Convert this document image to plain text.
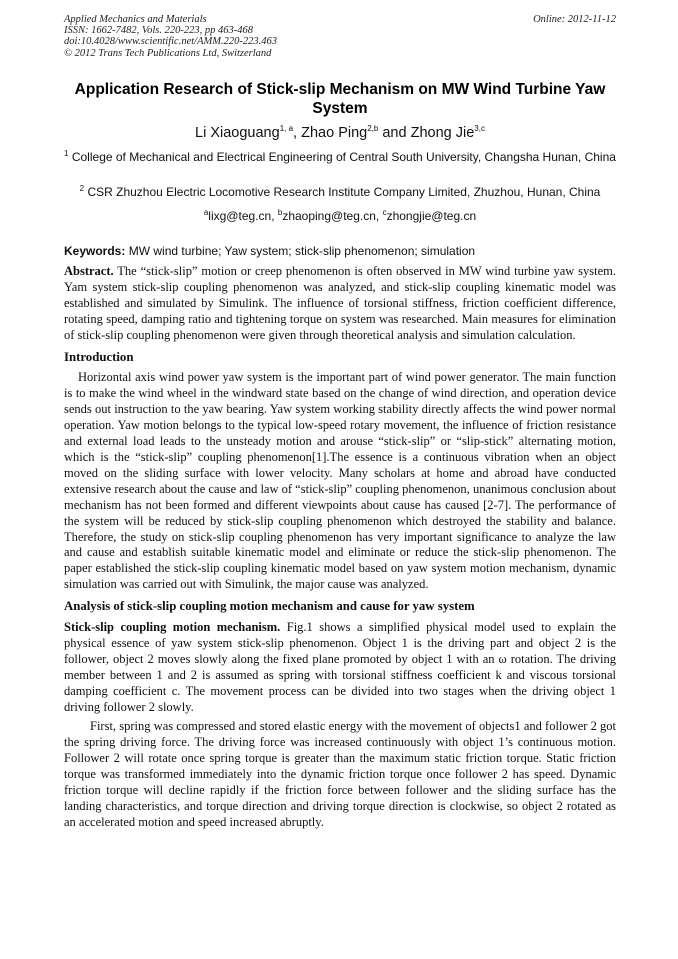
Applied Mechanics and Materials
ISSN: 1662-7482, Vols. 220-223, pp 463-468
doi:10.4028/www.scientific.net/AMM.220-223.463
© 2012 Trans Tech Publications Ltd, Switzerland
Online: 2012-11-12
Application Research of Stick-slip Mechanism on MW Wind Turbine Yaw System
Li Xiaoguang$^{1, a}$, Zhao Ping$^{2,b}$ and Zhong Jie$^{3,c}$
$^1$ College of Mechanical and Electrical Engineering of Central South University, Changsha Hunan, China
$^2$ CSR Zhuzhou Electric Locomotive Research Institute Company Limited, Zhuzhou, Hunan, China
$^a$lixg@teg.cn, $^b$zhaoping@teg.cn, $^c$zhongjie@teg.cn
Keywords: MW wind turbine; Yaw system; stick-slip phenomenon; simulation

Abstract. The “stick-slip” motion or creep phenomenon is often observed in MW wind turbine yaw system. Yam system stick-slip coupling phenomenon was analyzed, and stick-slip coupling kinematic model was established and simulated by Simulink. The influence of torsional stiffness, friction coefficient difference, rotating speed, damping ratio and tightening torque on system was researched. Main measures for elimination of stick-slip coupling phenomenon were given through theoretical analysis and simulation calculation.

Introduction

Horizontal axis wind power yaw system is the important part of wind power generator. The main function is to make the wind wheel in the windward state based on the change of wind direction, and operation device sends out instruction to the yaw bearing. Yaw system working stability directly affects the wind power normal operation. Yaw motion belongs to the typical low-speed rotary movement, the influence of friction resistance and external load leads to the unsteady motion and arouse “stick-slip” or “slip-stick” alternating motion, which is the “stick-slip” coupling phenomenon[1].The essence is a continuous vibration when an object moved on the sliding surface with lower velocity. Many scholars at home and abroad have conducted extensive research about the cause and law of “stick-slip” coupling phenomenon, unanimous conclusion about mechanism has not been formed and different viewpoints about cause has caused [2-7]. The performance of the system will be reduced by stick-slip coupling phenomenon which destroyed the stability and balance. Therefore, the study on stick-slip coupling phenomenon has very important significance to analyze the law and cause and establish suitable kinematic model and eliminate or reduce the stick-slip phenomenon. The paper established the stick-slip coupling kinematic model based on yaw system motion mechanism, dynamic simulation was carried out with Simulink, the major cause was analyzed.

Analysis of stick-slip coupling motion mechanism and cause for yaw system

Stick-slip coupling motion mechanism. Fig.1 shows a simplified physical model used to explain the physical essence of yaw system stick-slip phenomenon. Object 1 is the driving part and object 2 is the follower, object 2 moves slowly along the fixed plane promoted by object 1 with an ω rotation. The driving member between 1 and 2 is assumed as spring with torsional stiffness coefficient k and viscous torsional damping coefficient c. The movement process can be divided into two stages when the driving object 1 driving follower 2 slowly.

First, spring was compressed and stored elastic energy with the movement of objects1 and follower 2 got the spring driving force. The driving force was increased continuously with object 1’s continuous motion. Follower 2 will rotate once spring torque is greater than the maximum static friction torque. Static friction torque was transformed immediately into the dynamic friction torque once follower 2 has speed. Dynamic friction torque will decline rapidly if the friction force between follower and the sliding surface has the landing characteristics, and torque direction and driving torque direction is clockwise, so object 2 rotated as an accelerated motion and speed increased abruptly.
